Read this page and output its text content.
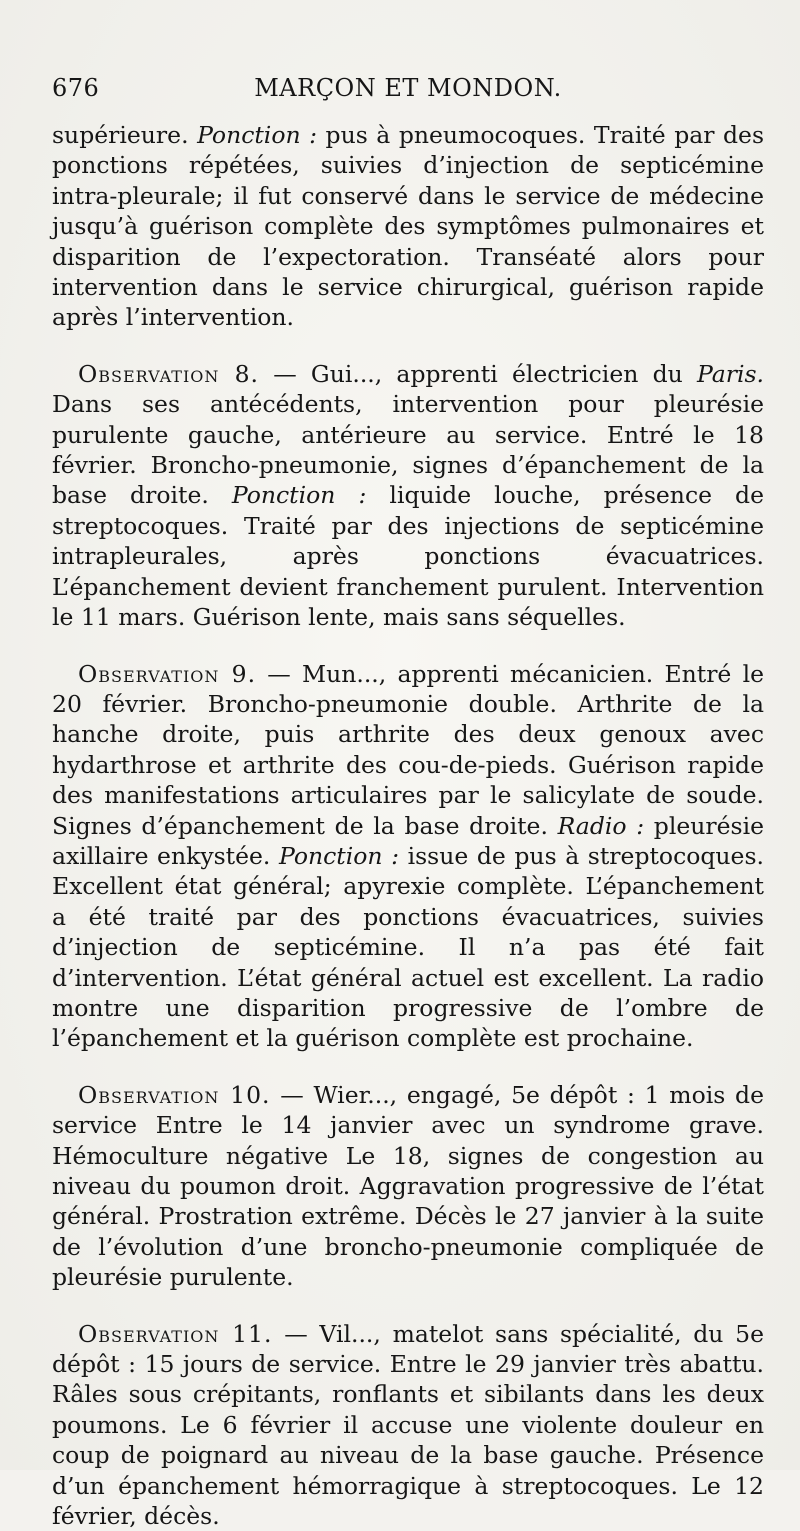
676	MARÇON ET MONDON.

supérieure. Ponction : pus à pneumocoques. Traité par des ponctions répétées, suivies d’injection de septicémine intra-pleurale; il fut conservé dans le service de médecine jusqu’à guérison complète des symptômes pulmonaires et disparition de l’expectoration. Transéaté alors pour intervention dans le service chirurgical, guérison rapide après l’intervention.

Observation 8. — Gui..., apprenti électricien du Paris. Dans ses antécédents, intervention pour pleurésie purulente gauche, antérieure au service. Entré le 18 février. Broncho-pneumonie, signes d’épanchement de la base droite. Ponction : liquide louche, présence de streptocoques. Traité par des injections de septicémine intrapleurales, après ponctions évacuatrices. L’épanchement devient franchement purulent. Intervention le 11 mars. Guérison lente, mais sans séquelles.

Observation 9. — Mun..., apprenti mécanicien. Entré le 20 février. Broncho-pneumonie double. Arthrite de la hanche droite, puis arthrite des deux genoux avec hydarthrose et arthrite des cou-de-pieds. Guérison rapide des manifestations articulaires par le salicylate de soude. Signes d’épanchement de la base droite. Radio : pleurésie axillaire enkystée. Ponction : issue de pus à streptocoques. Excellent état général; apyrexie complète. L’épanchement a été traité par des ponctions évacuatrices, suivies d’injection de septicémine. Il n’a pas été fait d’intervention. L’état général actuel est excellent. La radio montre une disparition progressive de l’ombre de l’épanchement et la guérison complète est prochaine.

Observation 10. — Wier..., engagé, 5e dépôt : 1 mois de service Entre le 14 janvier avec un syndrome grave. Hémoculture négative Le 18, signes de congestion au niveau du poumon droit. Aggravation progressive de l’état général. Prostration extrême. Décès le 27 janvier à la suite de l’évolution d’une broncho-pneumonie compliquée de pleurésie purulente.

Observation 11. — Vil..., matelot sans spécialité, du 5e dépôt : 15 jours de service. Entre le 29 janvier très abattu. Râles sous crépitants, ronflants et sibilants dans les deux poumons. Le 6 février il accuse une violente douleur en coup de poignard au niveau de la base gauche. Présence d’un épanchement hémorragique à streptocoques. Le 12 février, décès.
